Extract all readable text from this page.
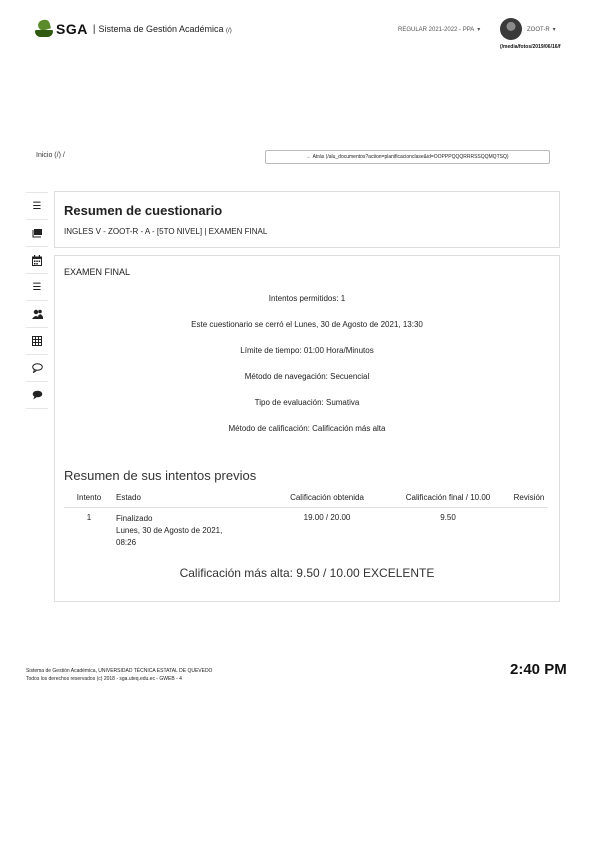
SGA | Sistema de Gestión Académica (/)	REGULAR 2021-2022 - PPA ▾	ZOOT-R ▾
(/media/fotos/2019/06/16/f
Inicio (/) /	← Atrás (/alu_documentos?action=planificacionclase&id=OOPPPQQQRRRSSQQMQTSQ)
☰
☰
Resumen de cuestionario
INGLES V - ZOOT-R - A - [5TO NIVEL] | EXAMEN FINAL
EXAMEN FINAL
Intentos permitidos: 1
Este cuestionario se cerró el Lunes, 30 de Agosto de 2021, 13:30
Límite de tiempo: 01:00 Hora/Minutos
Método de navegación: Secuencial
Tipo de evaluación: Sumativa
Método de calificación: Calificación más alta
Resumen de sus intentos previos
Intento	Estado	Calificación obtenida	Calificación final / 10.00	Revisión
1	Finalizado
Lunes, 30 de Agosto de 2021,
08:26	19.00 / 20.00	9.50	
Calificación más alta: 9.50 / 10.00 EXCELENTE
Sistema de Gestión Académica, UNIVERSIDAD TÉCNICA ESTATAL DE QUEVEDO
Todos los derechos reservados (c) 2018 - sga.uteq.edu.ec - GWEB - 4
2:40 PM
